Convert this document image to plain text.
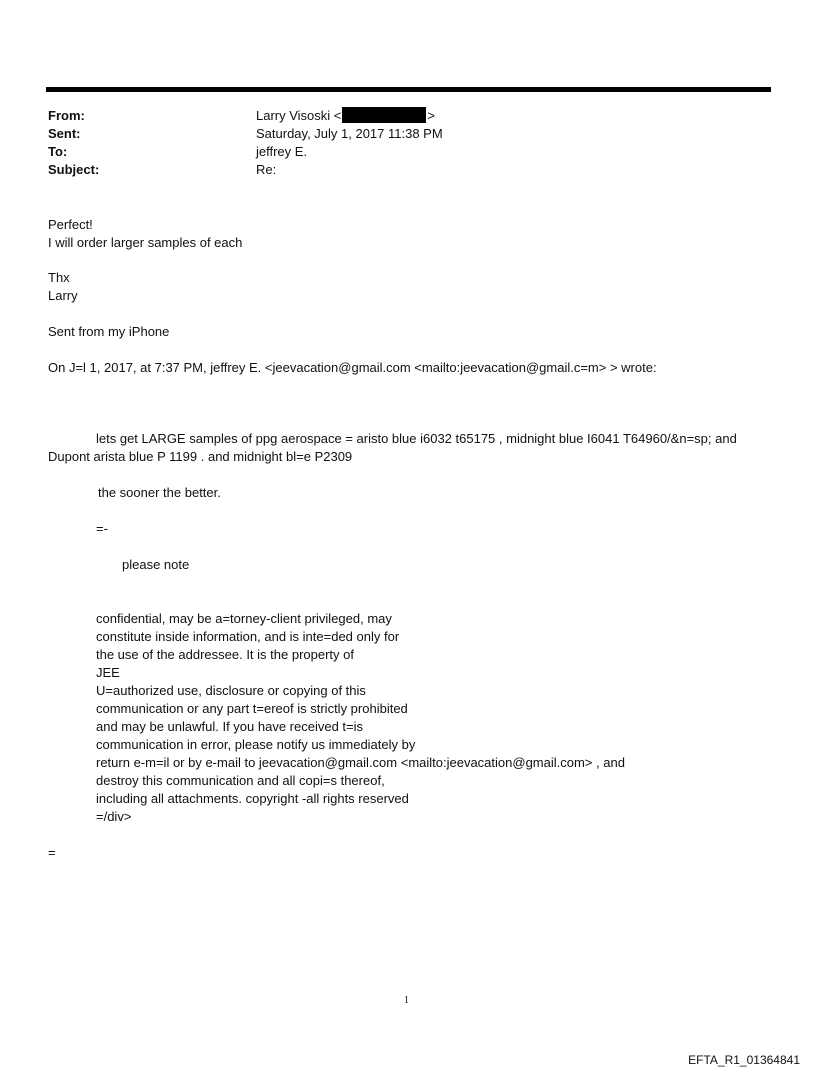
From:	Larry Visoski <	>
Sent:	Saturday, July 1, 2017 11:38 PM
To:	jeffrey E.
Subject:	Re:
Perfect!
I will order larger samples of each
Thx
Larry
Sent from my iPhone
On J=l 1, 2017, at 7:37 PM, jeffrey E. <jeevacation@gmail.com <mailto:jeevacation@gmail.c=m> > wrote:
lets get LARGE samples of ppg aerospace = aristo blue i6032 t65175 , midnight blue I6041 T64960/&n=sp; and
Dupont arista blue P 1199 . and midnight bl=e P2309
the sooner the better.
=-
please note
confidential, may be a=torney-client privileged, may
constitute inside information, and is inte=ded only for
the use of the addressee. It is the property of
JEE
U=authorized use, disclosure or copying of this
communication or any part t=ereof is strictly prohibited
and may be unlawful. If you have received t=is
communication in error, please notify us immediately by
return e-m=il or by e-mail to jeevacation@gmail.com <mailto:jeevacation@gmail.com> , and
destroy this communication and all copi=s thereof,
including all attachments. copyright -all rights reserved
=/div>
=
1
EFTA_R1_01364841
